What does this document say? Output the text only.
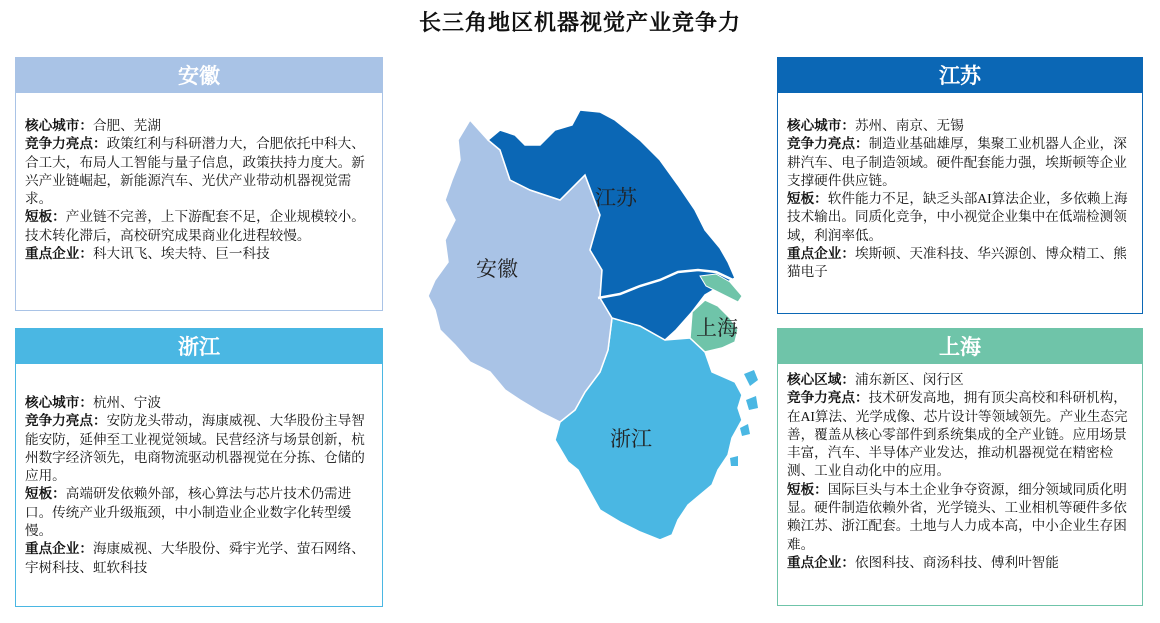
长三角地区机器视觉产业竞争力
安徽
核心城市：合肥、芜湖
竞争力亮点：政策红利与科研潜力大，合肥依托中科大、合工大，布局人工智能与量子信息，政策扶持力度大。新兴产业链崛起，新能源汽车、光伏产业带动机器视觉需求。
短板：产业链不完善，上下游配套不足，企业规模较小。技术转化滞后，高校研究成果商业化进程较慢。
重点企业：科大讯飞、埃夫特、巨一科技
浙江
核心城市：杭州、宁波
竞争力亮点：安防龙头带动，海康威视、大华股份主导智能安防，延伸至工业视觉领域。民营经济与场景创新，杭州数字经济领先，电商物流驱动机器视觉在分拣、仓储的应用。
短板：高端研发依赖外部，核心算法与芯片技术仍需进口。传统产业升级瓶颈，中小制造业企业数字化转型缓慢。
重点企业：海康威视、大华股份、舜宇光学、萤石网络、宇树科技、虹软科技
江苏
核心城市：苏州、南京、无锡
竞争力亮点：制造业基础雄厚，集聚工业机器人企业，深耕汽车、电子制造领域。硬件配套能力强，埃斯顿等企业支撑硬件供应链。
短板：软件能力不足，缺乏头部AI算法企业，多依赖上海技术输出。同质化竞争，中小视觉企业集中在低端检测领域，利润率低。
重点企业：埃斯顿、天准科技、华兴源创、博众精工、熊猫电子
上海
核心区域：浦东新区、闵行区
竞争力亮点：技术研发高地，拥有顶尖高校和科研机构，在AI算法、光学成像、芯片设计等领域领先。产业生态完善，覆盖从核心零部件到系统集成的全产业链。应用场景丰富，汽车、半导体产业发达，推动机器视觉在精密检测、工业自动化中的应用。
短板：国际巨头与本土企业争夺资源，细分领域同质化明显。硬件制造依赖外省，光学镜头、工业相机等硬件多依赖江苏、浙江配套。土地与人力成本高，中小企业生存困难。
重点企业：依图科技、商汤科技、傅利叶智能
江苏
安徽
上海
浙江
